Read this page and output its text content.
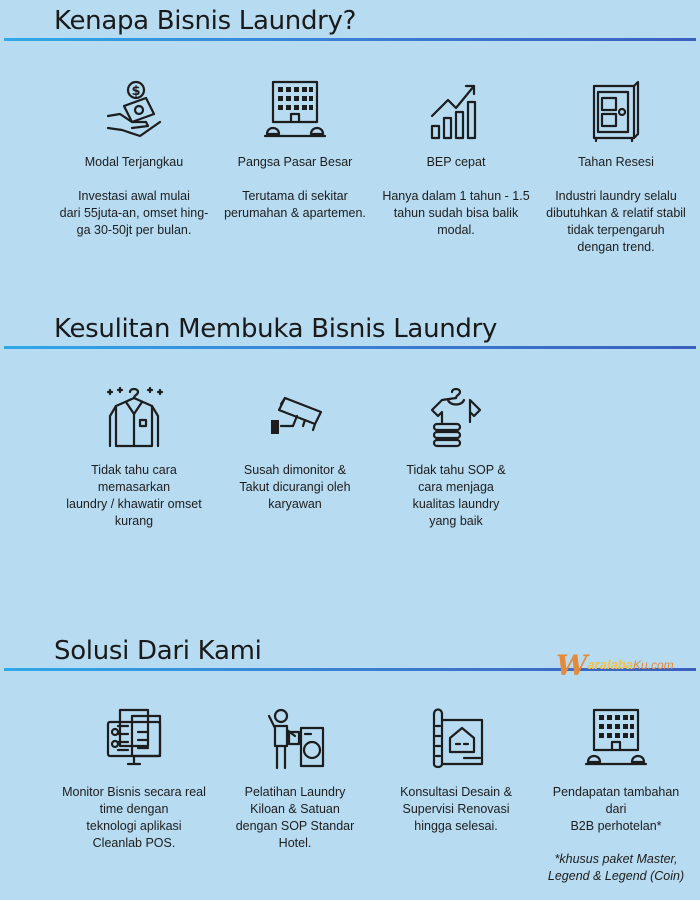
Kenapa Bisnis Laundry?
$
Modal Terjangkau
Investasi awal mulai
dari 55juta-an, omset hing-
ga 30-50jt per bulan.
Pangsa Pasar Besar
Terutama di sekitar
perumahan & apartemen.
BEP cepat
Hanya dalam 1 tahun - 1.5
tahun sudah bisa balik
modal.
Tahan Resesi
Industri laundry selalu
dibutuhkan & relatif stabil
tidak terpengaruh
dengan trend.
Kesulitan Membuka Bisnis Laundry
Tidak tahu cara
memasarkan
laundry / khawatir omset
kurang
Susah dimonitor &
Takut dicurangi oleh
karyawan
Tidak tahu SOP &
cara menjaga
kualitas laundry
yang baik
Solusi Dari Kami	WaralabaKu.com
Monitor Bisnis secara real
time dengan
teknologi aplikasi
Cleanlab POS.
Pelatihan Laundry
Kiloan & Satuan
dengan SOP Standar
Hotel.
Konsultasi Desain &
Supervisi Renovasi
hingga selesai.
Pendapatan tambahan dari
B2B perhotelan*
*khusus paket Master,
Legend & Legend (Coin)
